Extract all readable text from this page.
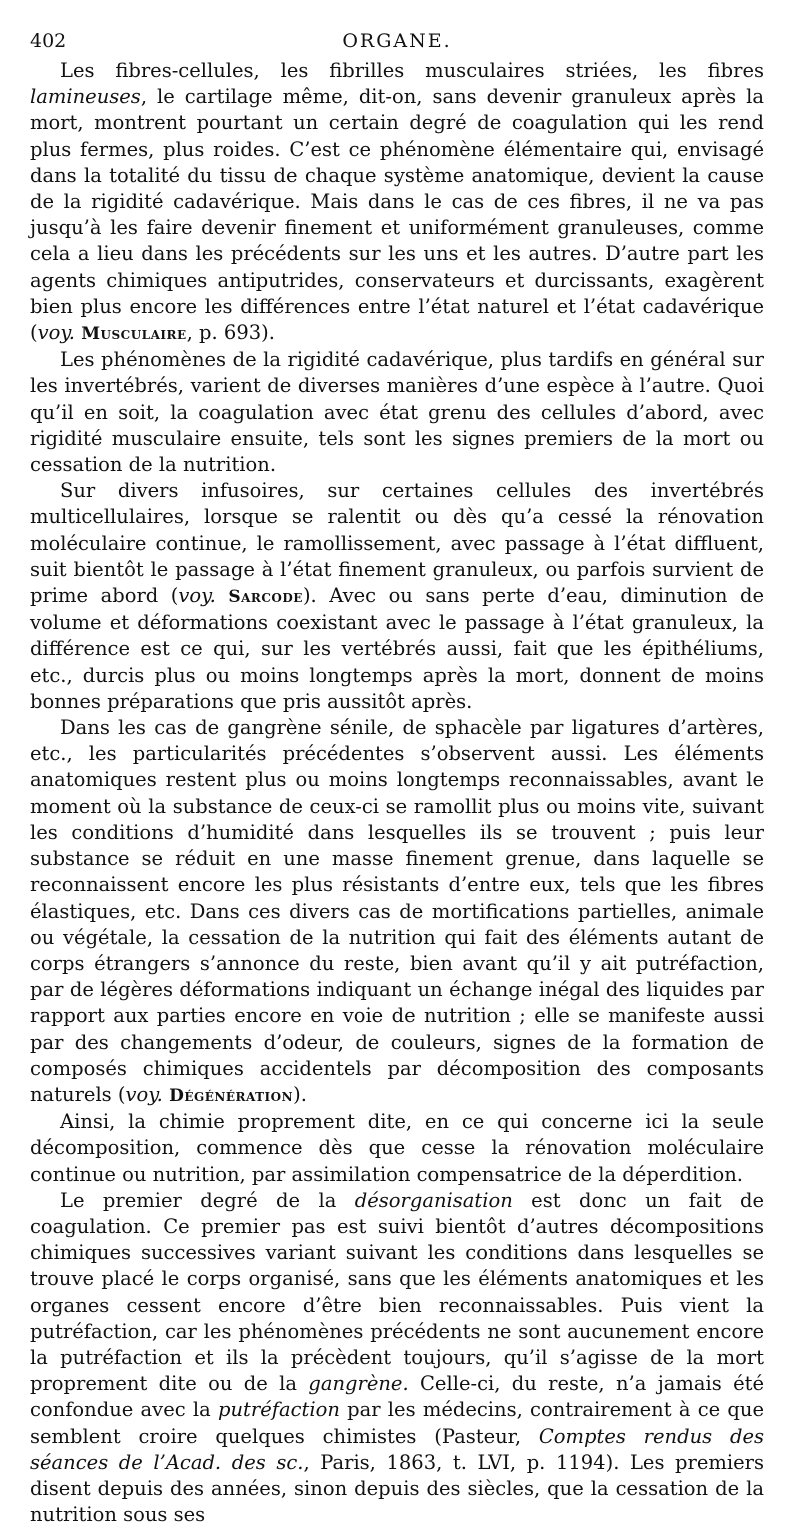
402	ORGANE.

Les fibres-cellules, les fibrilles musculaires striées, les fibres lamineuses, le cartilage même, dit-on, sans devenir granuleux après la mort, montrent pourtant un certain degré de coagulation qui les rend plus fermes, plus roides. C’est ce phénomène élémentaire qui, envisagé dans la totalité du tissu de chaque système anatomique, devient la cause de la rigidité cadavérique. Mais dans le cas de ces fibres, il ne va pas jusqu’à les faire devenir finement et uniformément granuleuses, comme cela a lieu dans les précédents sur les uns et les autres. D’autre part les agents chimiques antiputrides, conservateurs et durcissants, exagèrent bien plus encore les différences entre l’état naturel et l’état cadavérique (voy. Musculaire, p. 693).

Les phénomènes de la rigidité cadavérique, plus tardifs en général sur les invertébrés, varient de diverses manières d’une espèce à l’autre. Quoi qu’il en soit, la coagulation avec état grenu des cellules d’abord, avec rigidité musculaire ensuite, tels sont les signes premiers de la mort ou cessation de la nutrition.

Sur divers infusoires, sur certaines cellules des invertébrés multicellulaires, lorsque se ralentit ou dès qu’a cessé la rénovation moléculaire continue, le ramollissement, avec passage à l’état diffluent, suit bientôt le passage à l’état finement granuleux, ou parfois survient de prime abord (voy. Sarcode). Avec ou sans perte d’eau, diminution de volume et déformations coexistant avec le passage à l’état granuleux, la différence est ce qui, sur les vertébrés aussi, fait que les épithéliums, etc., durcis plus ou moins longtemps après la mort, donnent de moins bonnes préparations que pris aussitôt après.

Dans les cas de gangrène sénile, de sphacèle par ligatures d’artères, etc., les particularités précédentes s’observent aussi. Les éléments anatomiques restent plus ou moins longtemps reconnaissables, avant le moment où la substance de ceux-ci se ramollit plus ou moins vite, suivant les conditions d’humidité dans lesquelles ils se trouvent ; puis leur substance se réduit en une masse finement grenue, dans laquelle se reconnaissent encore les plus résistants d’entre eux, tels que les fibres élastiques, etc. Dans ces divers cas de mortifications partielles, animale ou végétale, la cessation de la nutrition qui fait des éléments autant de corps étrangers s’annonce du reste, bien avant qu’il y ait putréfaction, par de légères déformations indiquant un échange inégal des liquides par rapport aux parties encore en voie de nutrition ; elle se manifeste aussi par des changements d’odeur, de couleurs, signes de la formation de composés chimiques accidentels par décomposition des composants naturels (voy. Dégénération).

Ainsi, la chimie proprement dite, en ce qui concerne ici la seule décomposition, commence dès que cesse la rénovation moléculaire continue ou nutrition, par assimilation compensatrice de la déperdition.

Le premier degré de la désorganisation est donc un fait de coagulation. Ce premier pas est suivi bientôt d’autres décompositions chimiques successives variant suivant les conditions dans lesquelles se trouve placé le corps organisé, sans que les éléments anatomiques et les organes cessent encore d’être bien reconnaissables. Puis vient la putréfaction, car les phénomènes précédents ne sont aucunement encore la putréfaction et ils la précèdent toujours, qu’il s’agisse de la mort proprement dite ou de la gangrène. Celle-ci, du reste, n’a jamais été confondue avec la putréfaction par les médecins, contrairement à ce que semblent croire quelques chimistes (Pasteur, Comptes rendus des séances de l’Acad. des sc., Paris, 1863, t. LVI, p. 1194). Les premiers disent depuis des années, sinon depuis des siècles, que la cessation de la nutrition sous ses
